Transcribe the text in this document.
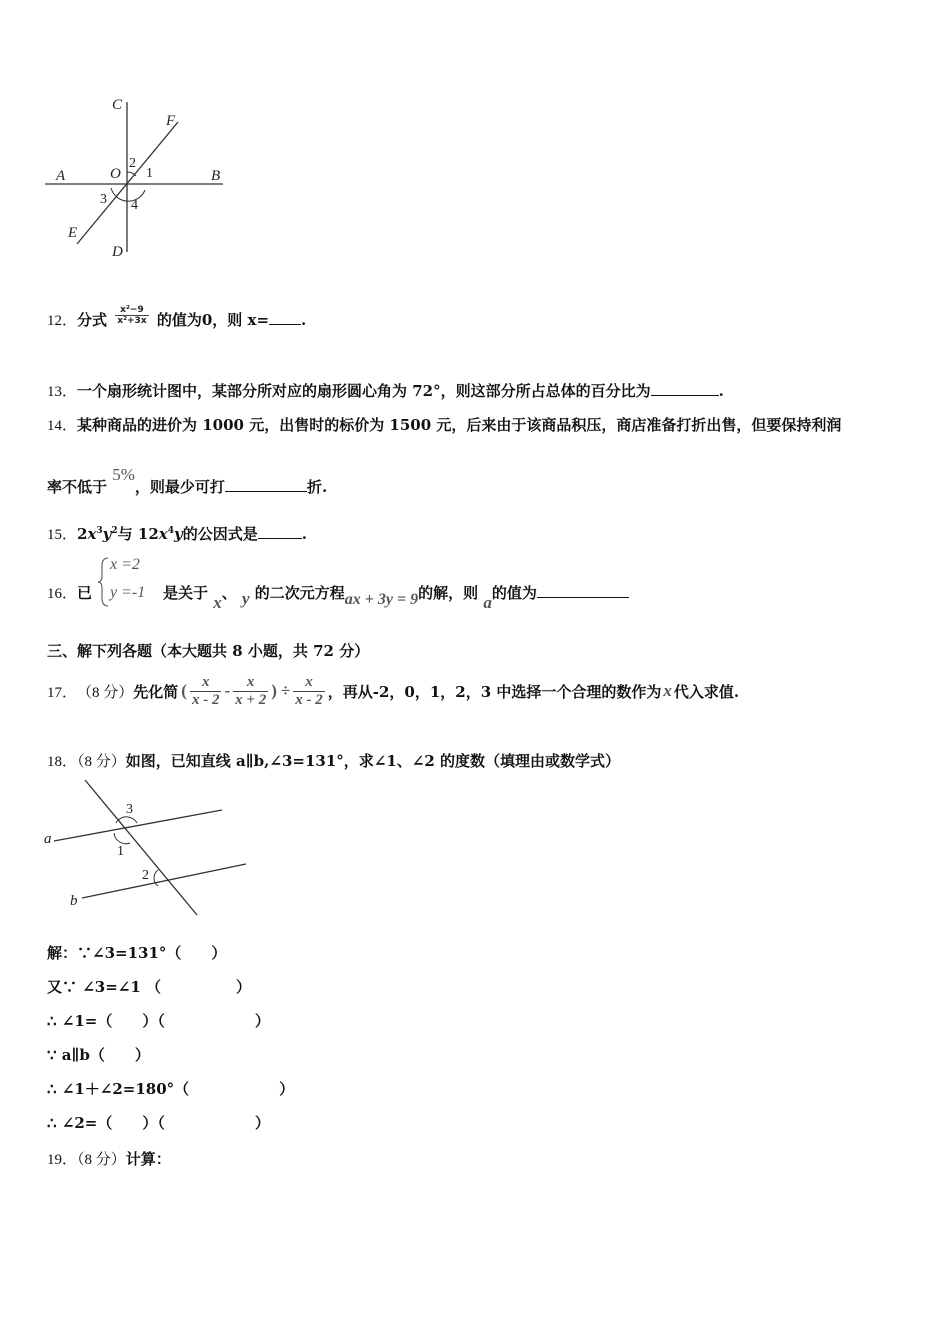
C
F
A	O	B
E
D
1
2
3 4
12．分式 $\frac{\text{x²−9}}{\text{x²+3x}}$ 的值为0，则 x= .
13．一个扇形统计图中，某部分所对应的扇形圆心角为 72°，则这部分所占总体的百分比为	.
14．某种商品的进价为 1000 元，出售时的标价为 1500 元，后来由于该商品积压，商店准备打折出售，但要保持利润
率不低于 5%，则最少可打	折.
15．$2x^3y^2$与 $12x^4y$的公因式是	.
16．已
x =2
y =-1 是关于 x、 y 的二次元方程ax + 3y = 9的解，则 a的值为
三、解下列各题（本大题共 8 小题，共 72 分）
17． （8 分） 先化简 ( $\frac{x}{x - 2} - \frac{x}{x + 2}$ ) ÷ $\frac{x}{x - 2}$ ，再从-2，0，1，2，3 中选择一个合理的数作为 x 代入求值.
18．（8 分）如图，已知直线 a∥b,∠3=131°，求∠1、∠2 的度数（填理由或数学式）
a
b
3
1
2
解：∵∠3=131°（　　）
又∵ ∠3=∠1 （　　　　　）
∴ ∠1=（　　）（　　　　　　）
∵ a∥b（　　）
∴ ∠1＋∠2=180°（　　　　　　）
∴ ∠2=（　　）（　　　　　　）
19．（8 分）计算：
